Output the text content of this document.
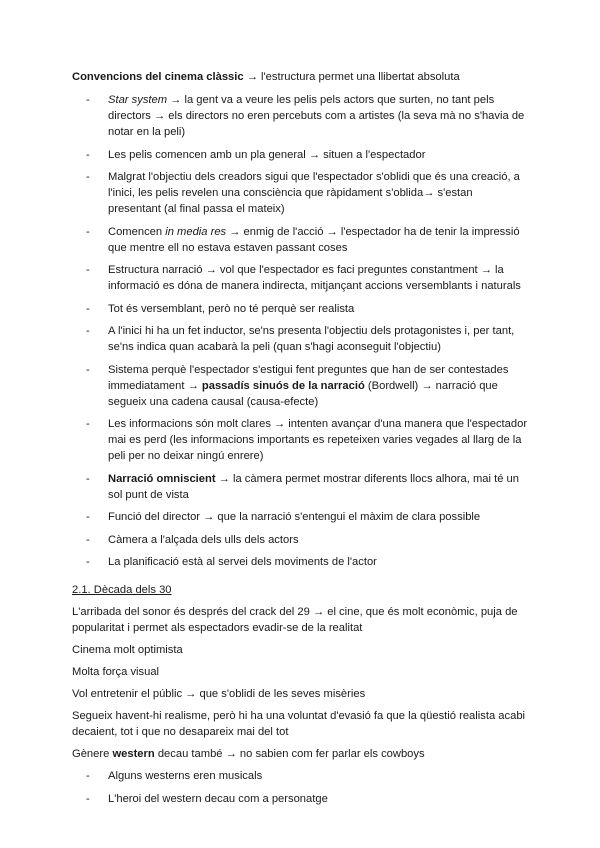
Convencions del cinema clàssic → l'estructura permet una llibertat absoluta

- Star system → la gent va a veure les pelis pels actors que surten, no tant pels directors → els directors no eren percebuts com a artistes (la seva mà no s'havia de notar en la peli)
- Les pelis comencen amb un pla general → situen a l'espectador
- Malgrat l'objectiu dels creadors sigui que l'espectador s'oblidi que és una creació, a l'inici, les pelis revelen una consciència que ràpidament s'oblida→ s'estan presentant (al final passa el mateix)
- Comencen in media res → enmig de l'acció → l'espectador ha de tenir la impressió que mentre ell no estava estaven passant coses
- Estructura narració → vol que l'espectador es faci preguntes constantment → la informació es dóna de manera indirecta, mitjançant accions versemblants i naturals
- Tot és versemblant, però no té perquè ser realista
- A l'inici hi ha un fet inductor, se'ns presenta l'objectiu dels protagonistes i, per tant, se'ns indica quan acabarà la peli (quan s'hagi aconseguit l'objectiu)
- Sistema perquè l'espectador s'estigui fent preguntes que han de ser contestades immediatament → passadís sinuós de la narració (Bordwell) → narració que segueix una cadena causal (causa-efecte)
- Les informacions són molt clares → intenten avançar d'una manera que l'espectador mai es perd (les informacions importants es repeteixen varies vegades al llarg de la peli per no deixar ningú enrere)
- Narració omniscient → la càmera permet mostrar diferents llocs alhora, mai té un sol punt de vista
- Funció del director → que la narració s'entengui el màxim de clara possible
- Càmera a l'alçada dels ulls dels actors
- La planificació està al servei dels moviments de l'actor

2.1. Dècada dels 30

L'arribada del sonor és després del crack del 29 → el cine, que és molt econòmic, puja de popularitat i permet als espectadors evadir-se de la realitat

Cinema molt optimista

Molta força visual

Vol entretenir el públic → que s'oblidi de les seves misèries

Segueix havent-hi realisme, però hi ha una voluntat d'evasió fa que la qüestió realista acabi decaient, tot i que no desapareix mai del tot

Gènere western decau també → no sabien com fer parlar els cowboys

- Alguns westerns eren musicals
- L'heroi del western decau com a personatge
